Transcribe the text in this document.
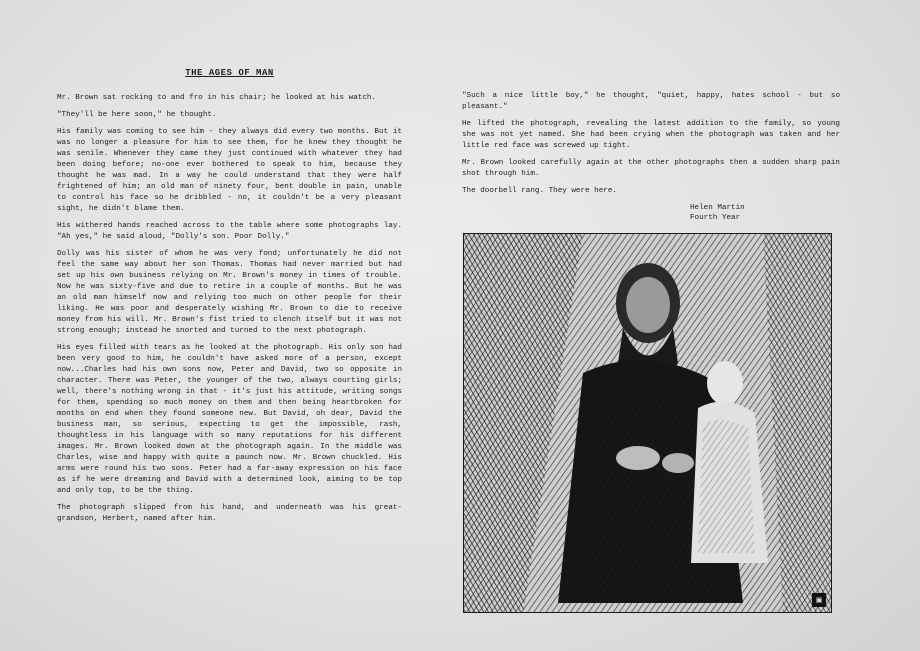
THE AGES OF MAN

Mr. Brown sat rocking to and fro in his chair; he looked at his watch.

"They'll be here soon," he thought.

His family was coming to see him - they always did every two months. But it was no longer a pleasure for him to see them, for he knew they thought he was senile. Whenever they came they just continued with whatever they had been doing before; no-one ever bothered to speak to him, because they thought he was mad. In a way he could understand that they were half frightened of him; an old man of ninety four, bent double in pain, unable to control his face so he dribbled - no, it couldn't be a very pleasant sight, he didn't blame them.

His withered hands reached across to the table where some photographs lay. "Ah yes," he said aloud, "Dolly's son. Poor Dolly."

Dolly was his sister of whom he was very fond; unfortunately he did not feel the same way about her son Thomas. Thomas had never married but had set up his own business relying on Mr. Brown's money in times of trouble. Now he was sixty-five and due to retire in a couple of months. But he was an old man himself now and relying too much on other people for their liking. He was poor and desperately wishing Mr. Brown to die to receive money from his will. Mr. Brown's fist tried to clench itself but it was not strong enough; instead he snorted and turned to the next photograph.

His eyes filled with tears as he looked at the photograph. His only son had been very good to him, he couldn't have asked more of a person, except now...Charles had his own sons now, Peter and David, two so opposite in character. There was Peter, the younger of the two, always courting girls; well, there's nothing wrong in that - it's just his attitude, writing songs for them, spending so much money on them and then being heartbroken for months on end when they found someone new. But David, oh dear, David the business man, so serious, expecting to get the impossible, rash, thoughtless in his language with so many reputations for his different images. Mr. Brown looked down at the photograph again. In the middle was Charles, wise and happy with quite a paunch now. Mr. Brown chuckled. His arms were round his two sons. Peter had a far-away expression on his face as if he were dreaming and David with a determined look, aiming to be top and only top, to be the thing.

The photograph slipped from his hand, and underneath was his great-grandson, Herbert, named after him.

"Such a nice little boy," he thought, "quiet, happy, hates school - but so pleasant."

He lifted the photograph, revealing the latest addition to the family, so young she was not yet named. She had been crying when the photograph was taken and her little red face was screwed up tight.

Mr. Brown looked carefully again at the other photographs then a sudden sharp pain shot through him.

The doorbell rang. They were here.

Helen Martin
Fourth Year
▣
